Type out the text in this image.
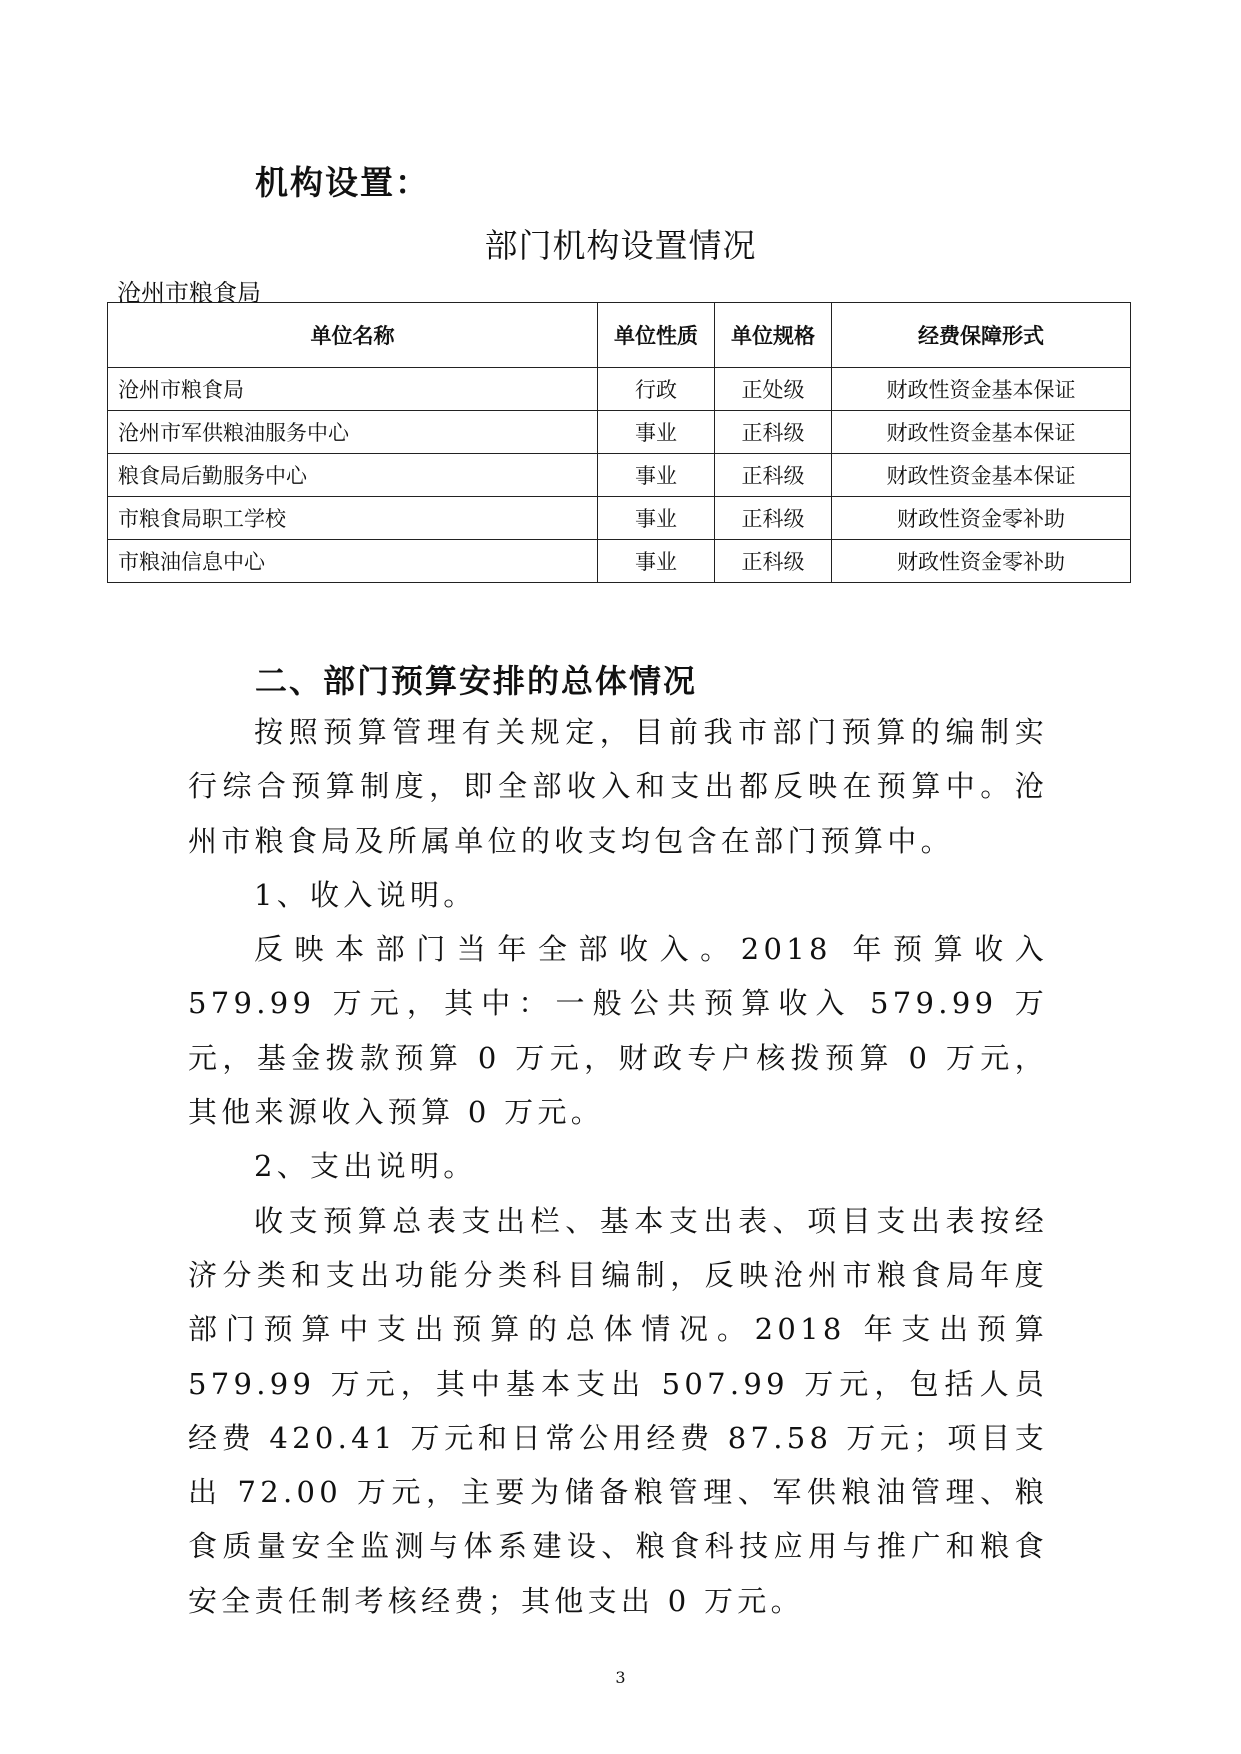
机构设置：
部门机构设置情况
沧州市粮食局
单位名称	单位性质	单位规格	经费保障形式
沧州市粮食局	行政	正处级	财政性资金基本保证
沧州市军供粮油服务中心	事业	正科级	财政性资金基本保证
粮食局后勤服务中心	事业	正科级	财政性资金基本保证
市粮食局职工学校	事业	正科级	财政性资金零补助
市粮油信息中心	事业	正科级	财政性资金零补助
二、部门预算安排的总体情况

按照预算管理有关规定，目前我市部门预算的编制实行综合预算制度，即全部收入和支出都反映在预算中。沧州市粮食局及所属单位的收支均包含在部门预算中。

1、收入说明。

反映本部门当年全部收入。2018 年预算收入 579.99 万元，其中：一般公共预算收入 579.99 万元，基金拨款预算 0 万元，财政专户核拨预算 0 万元，其他来源收入预算 0 万元。

2、支出说明。

收支预算总表支出栏、基本支出表、项目支出表按经济分类和支出功能分类科目编制，反映沧州市粮食局年度部门预算中支出预算的总体情况。2018 年支出预算 579.99 万元，其中基本支出 507.99 万元，包括人员经费 420.41 万元和日常公用经费 87.58 万元；项目支出 72.00 万元，主要为储备粮管理、军供粮油管理、粮食质量安全监测与体系建设、粮食科技应用与推广和粮食安全责任制考核经费；其他支出 0 万元。

3
